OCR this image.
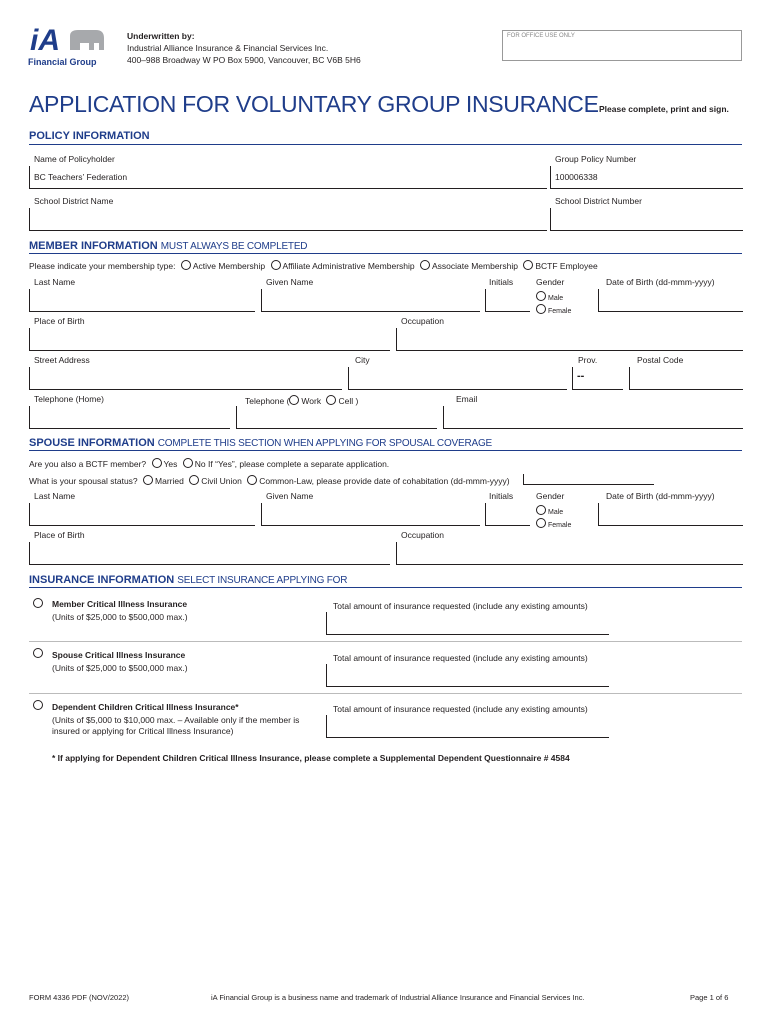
iA
Financial Group
Underwritten by:
Industrial Alliance Insurance & Financial Services Inc.
400–988 Broadway W PO Box 5900, Vancouver, BC V6B 5H6
FOR OFFICE USE ONLY
APPLICATION FOR VOLUNTARY GROUP INSURANCE Please complete, print and sign.
POLICY INFORMATION
Name of Policyholder	Group Policy Number
BC Teachers’ Federation	100006338
School District Name	School District Number
MEMBER INFORMATION MUST ALWAYS BE COMPLETED
Please indicate your membership type: Active Membership Affiliate Administrative Membership Associate Membership BCTF Employee
Last Name	Given Name	Initials	Gender	Date of Birth (dd-mmm-yyyy)
Male
Female
Place of Birth	Occupation
Street Address	City	Prov.	Postal Code
--
Telephone (Home)	Telephone ( Work Cell )	Email
SPOUSE INFORMATION COMPLETE THIS SECTION WHEN APPLYING FOR SPOUSAL COVERAGE
Are you also a BCTF member? Yes No If “Yes”, please complete a separate application.
What is your spousal status? Married Civil Union Common-Law, please provide date of cohabitation (dd-mmm-yyyy)
Last Name	Given Name	Initials	Gender	Date of Birth (dd-mmm-yyyy)
Male
Female
Place of Birth	Occupation
INSURANCE INFORMATION SELECT INSURANCE APPLYING FOR
Member Critical Illness Insurance
(Units of $25,000 to $500,000 max.)
Total amount of insurance requested (include any existing amounts)
Spouse Critical Illness Insurance
(Units of $25,000 to $500,000 max.)
Total amount of insurance requested (include any existing amounts)
Dependent Children Critical Illness Insurance*
(Units of $5,000 to $10,000 max. – Available only if the member is insured or applying for Critical Illness Insurance)
Total amount of insurance requested (include any existing amounts)
* If applying for Dependent Children Critical Illness Insurance, please complete a Supplemental Dependent Questionnaire # 4584
FORM 4336 PDF (NOV/2022)	iA Financial Group is a business name and trademark of Industrial Alliance Insurance and Financial Services Inc.	Page 1 of 6
